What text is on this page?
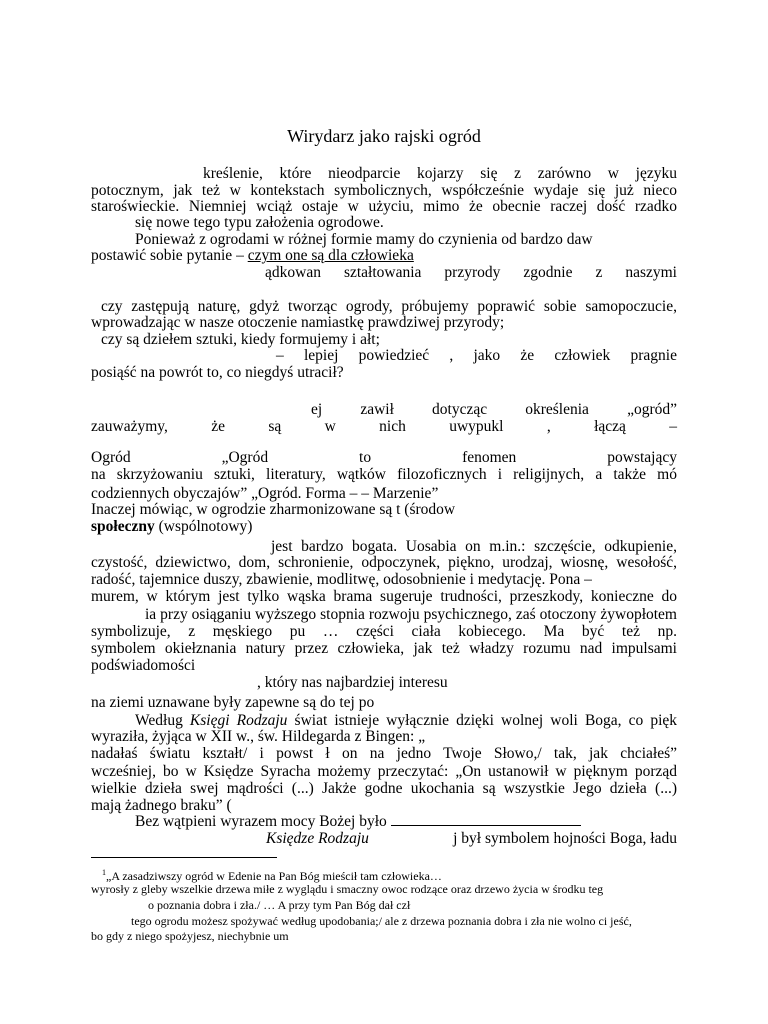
Wirydarz jako rajski ogród
kreślenie, które nieodparcie kojarzy się z zarówno w języku
potocznym, jak też w kontekstach symbolicznych, współcześnie wydaje się już nieco
staroświeckie. Niemniej wciąż ostaje w użyciu, mimo że obecnie raczej dość rzadko
się nowe tego typu założenia ogrodowe.
Ponieważ z ogrodami w różnej formie mamy do czynienia od bardzo daw
postawić sobie pytanie – czym one są dla człowieka
ądkowan ształtowania przyrody zgodnie z naszymi
czy zastępują naturę, gdyż tworząc ogrody, próbujemy poprawić sobie samopoczucie,
wprowadzając w nasze otoczenie namiastkę prawdziwej przyrody;
czy są dziełem sztuki, kiedy formujemy i ałt;
– lepiej powiedzieć , jako że człowiek pragnie
posiąść na powrót to, co niegdyś utracił?
ej zawił dotycząc określenia „ogród”
zauważymy, że są w nich uwypukl , łączą –
Ogród „Ogród to fenomen powstający
na skrzyżowaniu sztuki, literatury, wątków filozoficznych i religijnych, a także mó
codziennych obyczajów” „Ogród. Forma – – Marzenie”
Inaczej mówiąc, w ogrodzie zharmonizowane są t (środow
społeczny (wspólnotowy)
jest bardzo bogata. Uosabia on m.in.: szczęście, odkupienie,
czystość, dziewictwo, dom, schronienie, odpoczynek, piękno, urodzaj, wiosnę, wesołość,
radość, tajemnice duszy, zbawienie, modlitwę, odosobnienie i medytację. Pona –
murem, w którym jest tylko wąska brama sugeruje trudności, przeszkody, konieczne do
ia przy osiąganiu wyższego stopnia rozwoju psychicznego, zaś otoczony żywopłotem
symbolizuje, z męskiego pu … części ciała kobiecego. Ma być też np.
symbolem okiełznania natury przez człowieka, jak też władzy rozumu nad impulsami
podświadomości
, który nas najbardziej interesu
na ziemi uznawane były zapewne są do tej po
Według Księgi Rodzaju świat istnieje wyłącznie dzięki wolnej woli Boga, co pięk
wyraziła, żyjąca w XII w., św. Hildegarda z Bingen: „
nadałaś światu kształt/ i powst ł on na jedno Twoje Słowo,/ tak, jak chciałeś”
wcześniej, bo w Księdze Syracha możemy przeczytać: „On ustanowił w pięknym porząd
wielkie dzieła swej mądrości (...) Jakże godne ukochania są wszystkie Jego dzieła (...)
mają żadnego braku” (
Bez wątpieni wyrazem mocy Bożej było
Księdze Rodzaju	j był symbolem hojności Boga, ładu
$^1$„A zasadziwszy ogród w Edenie na Pan Bóg mieścił tam człowieka…
wyrosły z gleby wszelkie drzewa miłe z wyglądu i smaczny owoc rodzące oraz drzewo życia w środku teg
o poznania dobra i zła./ … A przy tym Pan Bóg dał czł
tego ogrodu możesz spożywać według upodobania;/ ale z drzewa poznania dobra i zła nie wolno ci jeść,
bo gdy z niego spożyjesz, niechybnie um
